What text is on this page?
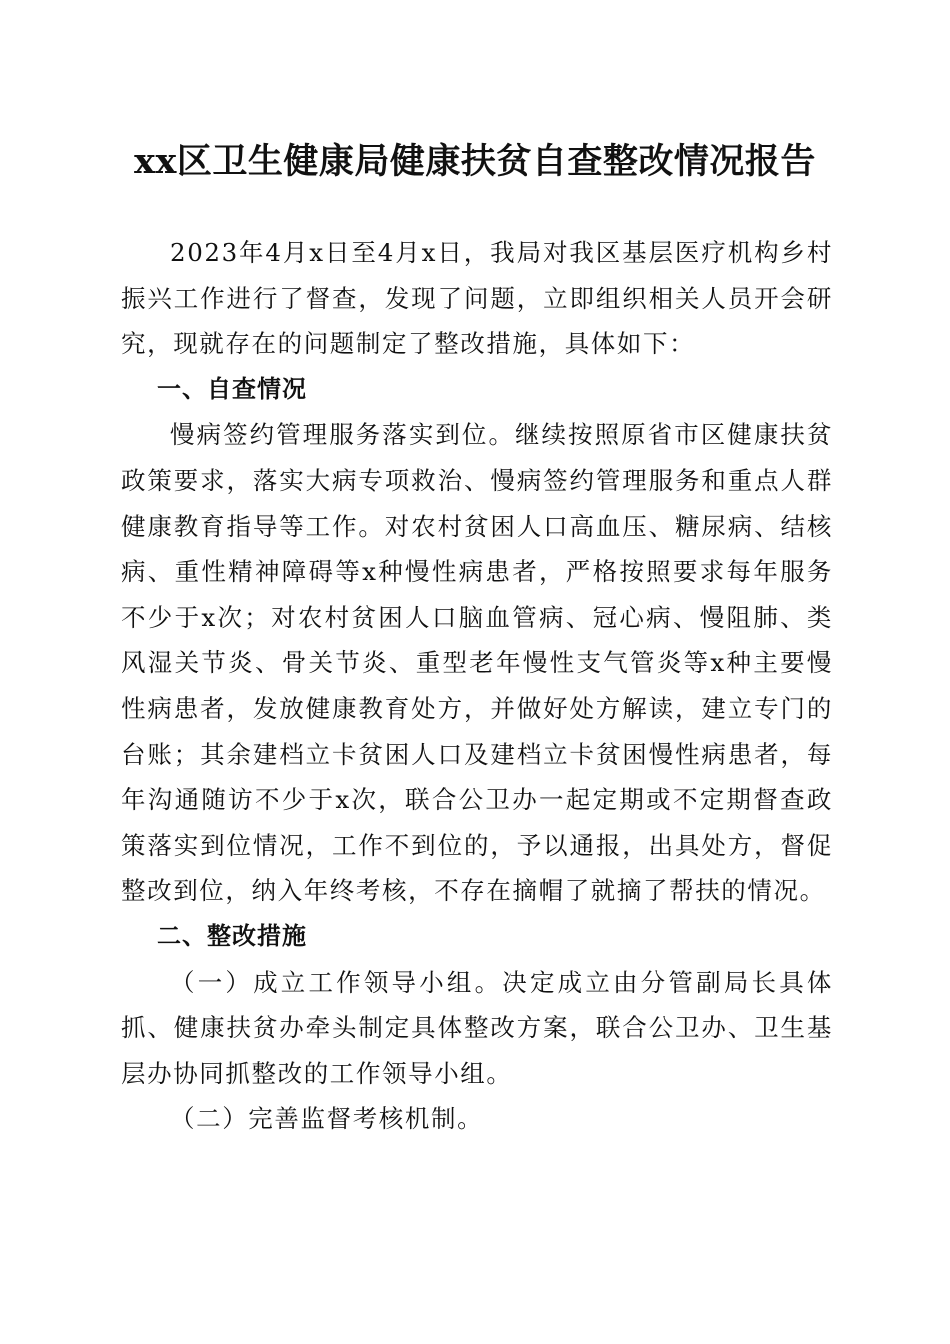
xx区卫生健康局健康扶贫自查整改情况报告

2023年4月x日至4月x日，我局对我区基层医疗机构乡村振兴工作进行了督查，发现了问题，立即组织相关人员开会研究，现就存在的问题制定了整改措施，具体如下：

一、自查情况

慢病签约管理服务落实到位。继续按照原省市区健康扶贫政策要求，落实大病专项救治、慢病签约管理服务和重点人群健康教育指导等工作。对农村贫困人口高血压、糖尿病、结核病、重性精神障碍等x种慢性病患者，严格按照要求每年服务不少于x次；对农村贫困人口脑血管病、冠心病、慢阻肺、类风湿关节炎、骨关节炎、重型老年慢性支气管炎等x种主要慢性病患者，发放健康教育处方，并做好处方解读，建立专门的台账；其余建档立卡贫困人口及建档立卡贫困慢性病患者，每年沟通随访不少于x次，联合公卫办一起定期或不定期督查政策落实到位情况，工作不到位的，予以通报，出具处方，督促整改到位，纳入年终考核，不存在摘帽了就摘了帮扶的情况。

二、整改措施

（一）成立工作领导小组。决定成立由分管副局长具体抓、健康扶贫办牵头制定具体整改方案，联合公卫办、卫生基层办协同抓整改的工作领导小组。

（二）完善监督考核机制。
